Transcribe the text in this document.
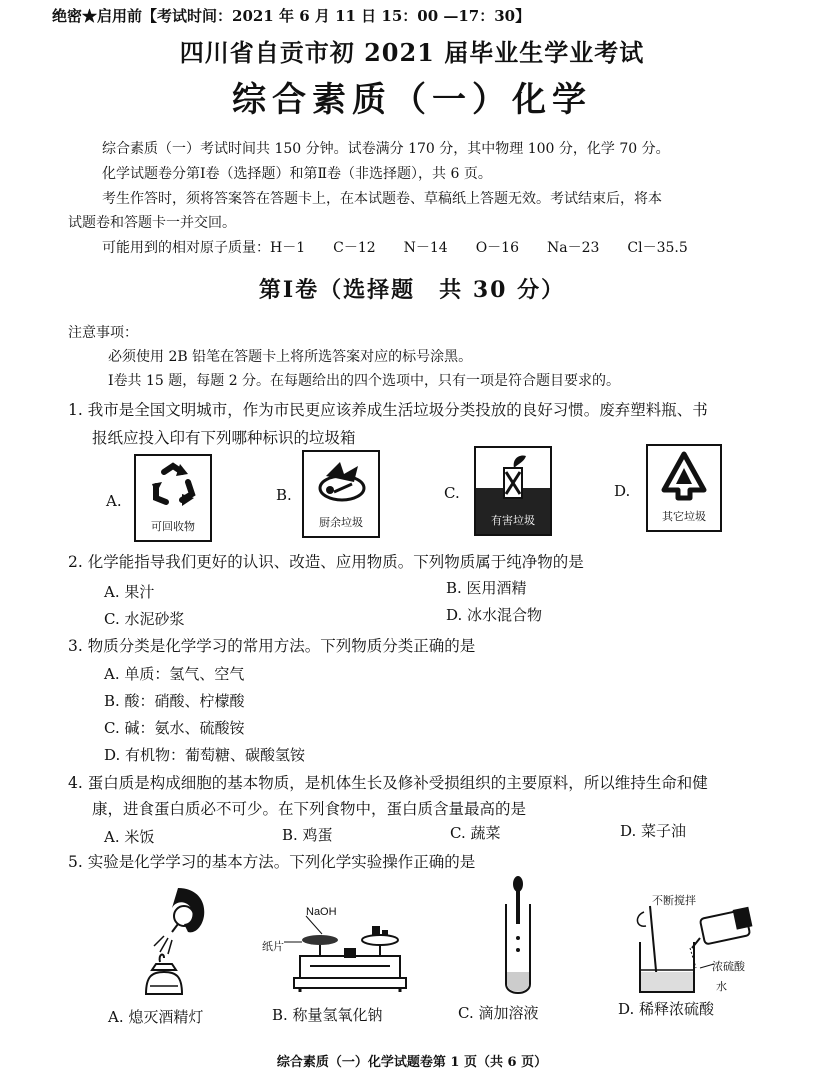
绝密★启用前【考试时间：2021 年 6 月 11 日 15：00 —17：30】
四川省自贡市初 2021 届毕业生学业考试
综合素质（一）化学
综合素质（一）考试时间共 150 分钟。试卷满分 170 分，其中物理 100 分，化学 70 分。
化学试题卷分第Ⅰ卷（选择题）和第Ⅱ卷（非选择题），共 6 页。
考生作答时，须将答案答在答题卡上，在本试题卷、草稿纸上答题无效。考试结束后，将本
试题卷和答题卡一并交回。
可能用到的相对原子质量：H－1　　C－12　　N－14　　O－16　　Na－23　　Cl－35.5
第Ⅰ卷（选择题　共 30 分）
注意事项：
必须使用 2B 铅笔在答题卡上将所选答案对应的标号涂黑。
Ⅰ卷共 15 题，每题 2 分。在每题给出的四个选项中，只有一项是符合题目要求的。
1. 我市是全国文明城市，作为市民更应该养成生活垃圾分类投放的良好习惯。废弃塑料瓶、书
报纸应投入印有下列哪种标识的垃圾箱
A.
可回收物
B.
厨余垃圾
C.
有害垃圾
D.
其它垃圾
2. 化学能指导我们更好的认识、改造、应用物质。下列物质属于纯净物的是
A. 果汁	B. 医用酒精
C. 水泥砂浆	D. 冰水混合物
3. 物质分类是化学学习的常用方法。下列物质分类正确的是
A. 单质：氢气、空气
B. 酸：硝酸、柠檬酸
C. 碱：氨水、硫酸铵
D. 有机物：葡萄糖、碳酸氢铵
4. 蛋白质是构成细胞的基本物质，是机体生长及修补受损组织的主要原料，所以维持生命和健
康，进食蛋白质必不可少。在下列食物中，蛋白质含量最高的是
A. 米饭	B. 鸡蛋	C. 蔬菜	D. 菜子油
5. 实验是化学学习的基本方法。下列化学实验操作正确的是
A. 熄灭酒精灯
NaOH
纸片
B. 称量氢氧化钠	C. 滴加溶液
不断搅拌
浓硫酸
水
D. 稀释浓硫酸
综合素质（一）化学试题卷第 1 页（共 6 页）
